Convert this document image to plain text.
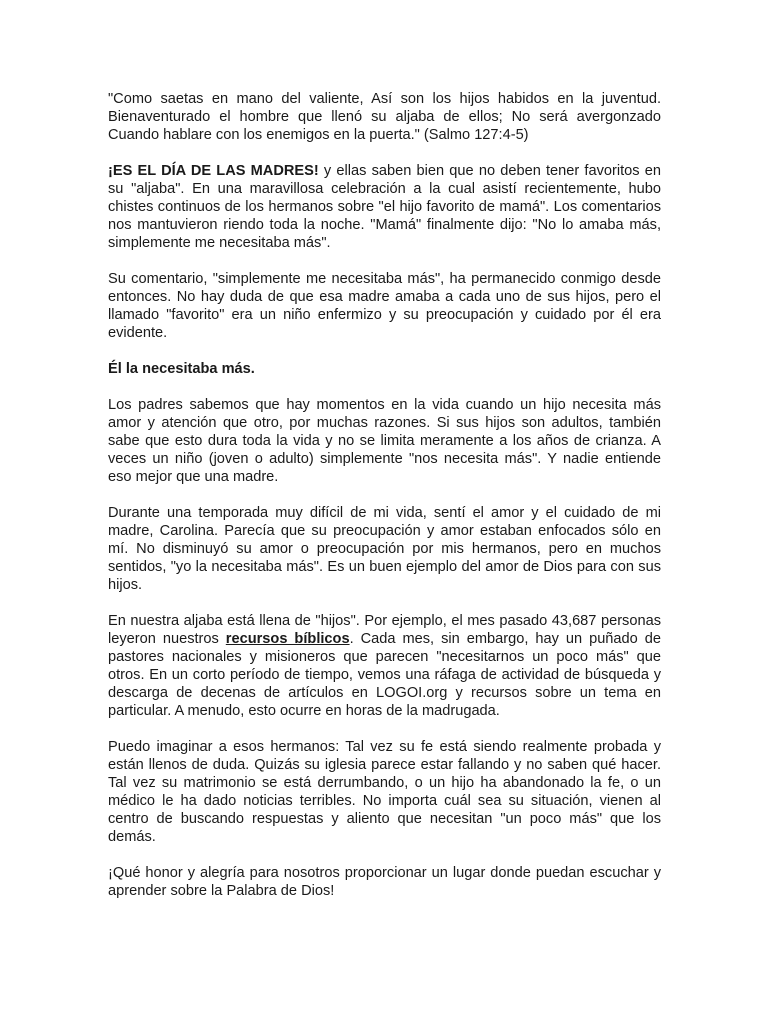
"Como saetas en mano del valiente, Así son los hijos habidos en la juventud. Bienaventurado el hombre que llenó su aljaba de ellos; No será avergonzado Cuando hablare con los enemigos en la puerta." (Salmo 127:4-5)

¡ES EL DÍA DE LAS MADRES! y ellas saben bien que no deben tener favoritos en su "aljaba". En una maravillosa celebración a la cual asistí recientemente, hubo chistes continuos de los hermanos sobre "el hijo favorito de mamá". Los comentarios nos mantuvieron riendo toda la noche. "Mamá" finalmente dijo: "No lo amaba más, simplemente me necesitaba más".

Su comentario, "simplemente me necesitaba más", ha permanecido conmigo desde entonces. No hay duda de que esa madre amaba a cada uno de sus hijos, pero el llamado "favorito" era un niño enfermizo y su preocupación y cuidado por él era evidente.

Él la necesitaba más.

Los padres sabemos que hay momentos en la vida cuando un hijo necesita más amor y atención que otro, por muchas razones. Si sus hijos son adultos, también sabe que esto dura toda la vida y no se limita meramente a los años de crianza. A veces un niño (joven o adulto) simplemente "nos necesita más". Y nadie entiende eso mejor que una madre.

Durante una temporada muy difícil de mi vida, sentí el amor y el cuidado de mi madre, Carolina. Parecía que su preocupación y amor estaban enfocados sólo en mí. No disminuyó su amor o preocupación por mis hermanos, pero en muchos sentidos, "yo la necesitaba más". Es un buen ejemplo del amor de Dios para con sus hijos.

En nuestra aljaba está llena de "hijos". Por ejemplo, el mes pasado 43,687 personas leyeron nuestros recursos bíblicos. Cada mes, sin embargo, hay un puñado de pastores nacionales y misioneros que parecen "necesitarnos un poco más" que otros. En un corto período de tiempo, vemos una ráfaga de actividad de búsqueda y descarga de decenas de artículos en LOGOI.org y recursos sobre un tema en particular. A menudo, esto ocurre en horas de la madrugada.

Puedo imaginar a esos hermanos: Tal vez su fe está siendo realmente probada y están llenos de duda. Quizás su iglesia parece estar fallando y no saben qué hacer. Tal vez su matrimonio se está derrumbando, o un hijo ha abandonado la fe, o un médico le ha dado noticias terribles. No importa cuál sea su situación, vienen al centro de buscando respuestas y aliento que necesitan "un poco más" que los demás.

¡Qué honor y alegría para nosotros proporcionar un lugar donde puedan escuchar y aprender sobre la Palabra de Dios!
